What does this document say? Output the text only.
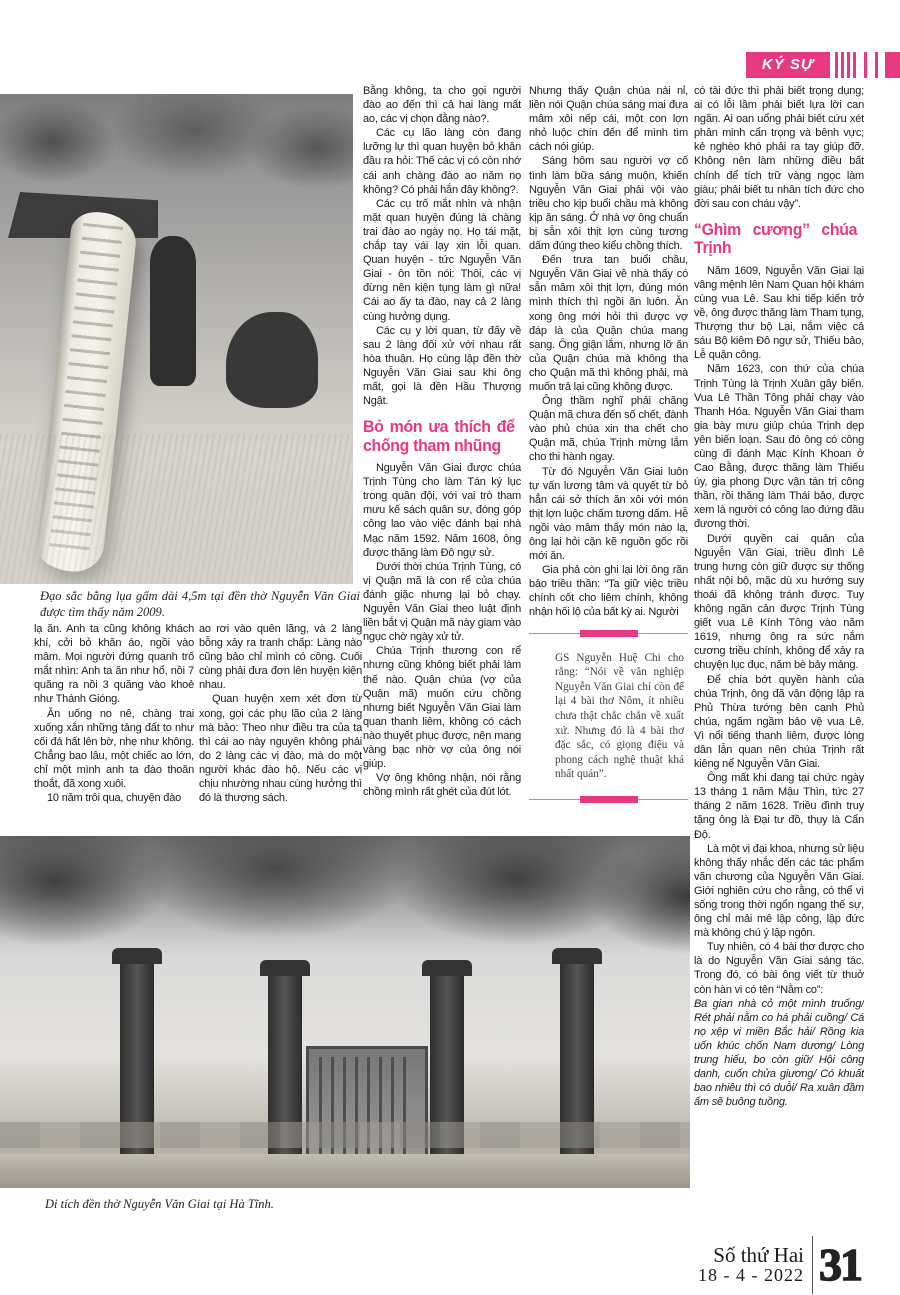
KÝ SỰ
Đạo sắc bằng lụa gấm dài 4,5m tại đền thờ Nguyễn Văn Giai được tìm thấy năm 2009.

lạ ăn. Anh ta cũng không khách khí, cởi bỏ khăn áo, ngồi vào mâm. Mọi người đứng quanh trố mắt nhìn: Anh ta ăn như hổ, nồi 7 quăng ra nồi 3 quăng vào khoẻ như Thánh Gióng.

Ăn uống no nê, chàng trai xuống xắn những tảng đất to như cối đá hất lên bờ, nhẹ như không. Chẳng bao lâu, một chiếc ao lớn, chỉ một mình anh ta đào thoăn thoắt, đã xong xuôi.

10 năm trôi qua, chuyện đào

ao rơi vào quên lãng, và 2 làng bỗng xảy ra tranh chấp: Làng nào cũng bảo chỉ mình có công. Cuối cùng phải đưa đơn lên huyện kiện nhau.

Quan huyện xem xét đơn từ xong, gọi các phụ lão của 2 làng mà bảo: Theo như điều tra của ta thì cái ao này nguyên không phải do 2 làng các vị đào, mà do một người khác đào hộ. Nếu các vị chịu nhường nhau cùng hưởng thì đó là thượng sách.

Bằng không, ta cho gọi người đào ao đến thì cả hai làng mất ao, các vị chọn đằng nào?.

Các cụ lão làng còn đang lưỡng lự thì quan huyện bỏ khăn đầu ra hỏi: Thế các vị có còn nhớ cái anh chàng đào ao năm nọ không? Có phải hắn đây không?.

Các cụ trố mắt nhìn và nhận mặt quan huyện đúng là chàng trai đào ao ngày nọ. Họ tái mặt, chắp tay vái lạy xin lỗi quan. Quan huyện - tức Nguyễn Văn Giai - ôn tồn nói: Thôi, các vị đừng nên kiện tụng làm gì nữa! Cái ao ấy ta đào, nay cả 2 làng cùng hưởng dụng.

Các cụ y lời quan, từ đấy về sau 2 làng đối xử với nhau rất hòa thuận. Họ cùng lập đền thờ Nguyễn Văn Giai sau khi ông mất, gọi là đền Hầu Thượng Ngật.

Bỏ món ưa thích để chống tham nhũng

Nguyễn Văn Giai được chúa Trịnh Tùng cho làm Tán ký lục trong quân đội, với vai trò tham mưu kế sách quân sự, đóng góp công lao vào việc đánh bại nhà Mạc năm 1592. Năm 1608, ông được thăng làm Đô ngự sử.

Dưới thời chúa Trịnh Tùng, có vị Quận mã là con rể của chúa đánh giặc nhưng lại bỏ chạy. Nguyễn Văn Giai theo luật định liền bắt vị Quận mã này giam vào ngục chờ ngày xử tử.

Chúa Trịnh thương con rể nhưng cũng không biết phải làm thế nào. Quận chúa (vợ của Quận mã) muốn cứu chồng nhưng biết Nguyễn Văn Giai làm quan thanh liêm, không có cách nào thuyết phục được, nên mang vàng bạc nhờ vợ của ông nói giúp.

Vợ ông không nhận, nói rằng chồng mình rất ghét của đút lót.

Nhưng thấy Quận chúa nài nỉ, liền nói Quận chúa sáng mai đưa mâm xôi nếp cái, một con lợn nhỏ luộc chín đến để mình tìm cách nói giúp.

Sáng hôm sau người vợ cố tình làm bữa sáng muộn, khiến Nguyễn Văn Giai phải vội vào triều cho kịp buổi chầu mà không kịp ăn sáng. Ở nhà vợ ông chuẩn bị sẵn xôi thịt lợn cùng tương dấm đúng theo kiểu chồng thích.

Đến trưa tan buổi chầu, Nguyễn Văn Giai về nhà thấy có sẵn mâm xôi thịt lợn, đúng món mình thích thì ngồi ăn luôn. Ăn xong ông mới hỏi thì được vợ đáp là của Quận chúa mang sang. Ông giận lắm, nhưng lỡ ăn của Quận chúa mà không tha cho Quận mã thì không phải, mà muốn trả lại cũng không được.

Ông thầm nghĩ phải chăng Quận mã chưa đến số chết, đành vào phủ chúa xin tha chết cho Quận mã, chúa Trịnh mừng lắm cho thi hành ngay.

Từ đó Nguyễn Văn Giai luôn tự vấn lương tâm và quyết từ bỏ hẳn cái sở thích ăn xôi với món thịt lợn luộc chấm tương dấm. Hễ ngồi vào mâm thấy món nào lạ, ông lại hỏi cặn kẽ nguồn gốc rồi mới ăn.

Gia phả còn ghi lại lời ông răn bảo triều thần: “Ta giữ việc triều chính cốt cho liêm chính, không nhận hối lộ của bất kỳ ai. Người

GS Nguyễn Huệ Chi cho rằng: “Nói về văn nghiệp Nguyễn Văn Giai chỉ còn để lại 4 bài thơ Nôm, ít nhiều chưa thật chắc chắn về xuất xứ. Nhưng đó là 4 bài thơ đặc sắc, có giọng điệu và phong cách nghệ thuật khá nhất quán”.

có tài đức thì phải biết trọng dụng; ai có lỗi lầm phải biết lựa lời can ngăn. Ai oan uổng phải biết cứu xét phân minh cẩn trọng và bênh vực; kẻ nghèo khó phải ra tay giúp đỡ. Không nên làm những điều bất chính để tích trữ vàng ngọc làm giàu; phải biết tu nhân tích đức cho đời sau con cháu vậy”.

“Ghìm cương” chúa Trịnh

Năm 1609, Nguyễn Văn Giai lại vâng mệnh lên Nam Quan hội khám cùng vua Lê. Sau khi tiếp kiến trở về, ông được thăng làm Tham tụng, Thượng thư bộ Lại, nắm việc cả sáu Bộ kiêm Đô ngự sử, Thiếu bảo, Lễ quận công.

Năm 1623, con thứ của chúa Trịnh Tùng là Trịnh Xuân gây biến. Vua Lê Thần Tông phải chạy vào Thanh Hóa. Nguyễn Văn Giai tham gia bày mưu giúp chúa Trịnh dẹp yên biến loạn. Sau đó ông có công cùng đi đánh Mạc Kính Khoan ở Cao Bằng, được thăng làm Thiếu úy, gia phong Dực vận tán trị công thần, rồi thăng làm Thái bảo, được xem là người có công lao đứng đầu đương thời.

Dưới quyền cai quản của Nguyễn Văn Giai, triều đình Lê trung hưng còn giữ được sự thống nhất nội bộ, mặc dù xu hướng suy thoái đã không tránh được. Tuy không ngăn cản được Trịnh Tùng giết vua Lê Kính Tông vào năm 1619, nhưng ông ra sức nắm cương triều chính, không để xảy ra chuyện lục đục, năm bè bảy mảng.

Để chia bớt quyền hành của chúa Trịnh, ông đã vận động lập ra Phủ Thừa tướng bên cạnh Phủ chúa, ngấm ngầm bảo vệ vua Lê. Vì nổi tiếng thanh liêm, được lòng dân lẫn quan nên chúa Trịnh rất kiêng nể Nguyễn Văn Giai.

Ông mất khi đang tại chức ngày 13 tháng 1 năm Mậu Thìn, tức 27 tháng 2 năm 1628. Triều đình truy tặng ông là Đại tư đồ, thụy là Cẩn Độ.

Là một vị đại khoa, nhưng sử liệu không thấy nhắc đến các tác phẩm văn chương của Nguyễn Văn Giai. Giới nghiên cứu cho rằng, có thể vì sống trong thời ngổn ngang thế sự, ông chỉ mải mê lập công, lập đức mà không chú ý lập ngôn.

Tuy nhiên, có 4 bài thơ được cho là do Nguyễn Văn Giai sáng tác. Trong đó, có bài ông viết từ thuở còn hàn vi có tên “Nằm co”:

Ba gian nhà cỏ một mình truống/ Rét phải nằm co há phải cuồng/ Cá nọ xệp vi miền Bắc hải/ Rồng kia uốn khúc chốn Nam dương/ Lòng trung hiếu, bo còn giữ/ Hội công danh, cuốn chửa giương/ Có khuất bao nhiêu thì có duỗi/ Ra xuân đầm ấm sẽ buông tuồng.

Di tích đền thờ Nguyễn Văn Giai tại Hà Tĩnh.
Số thứ Hai
18 - 4 - 2022 31
